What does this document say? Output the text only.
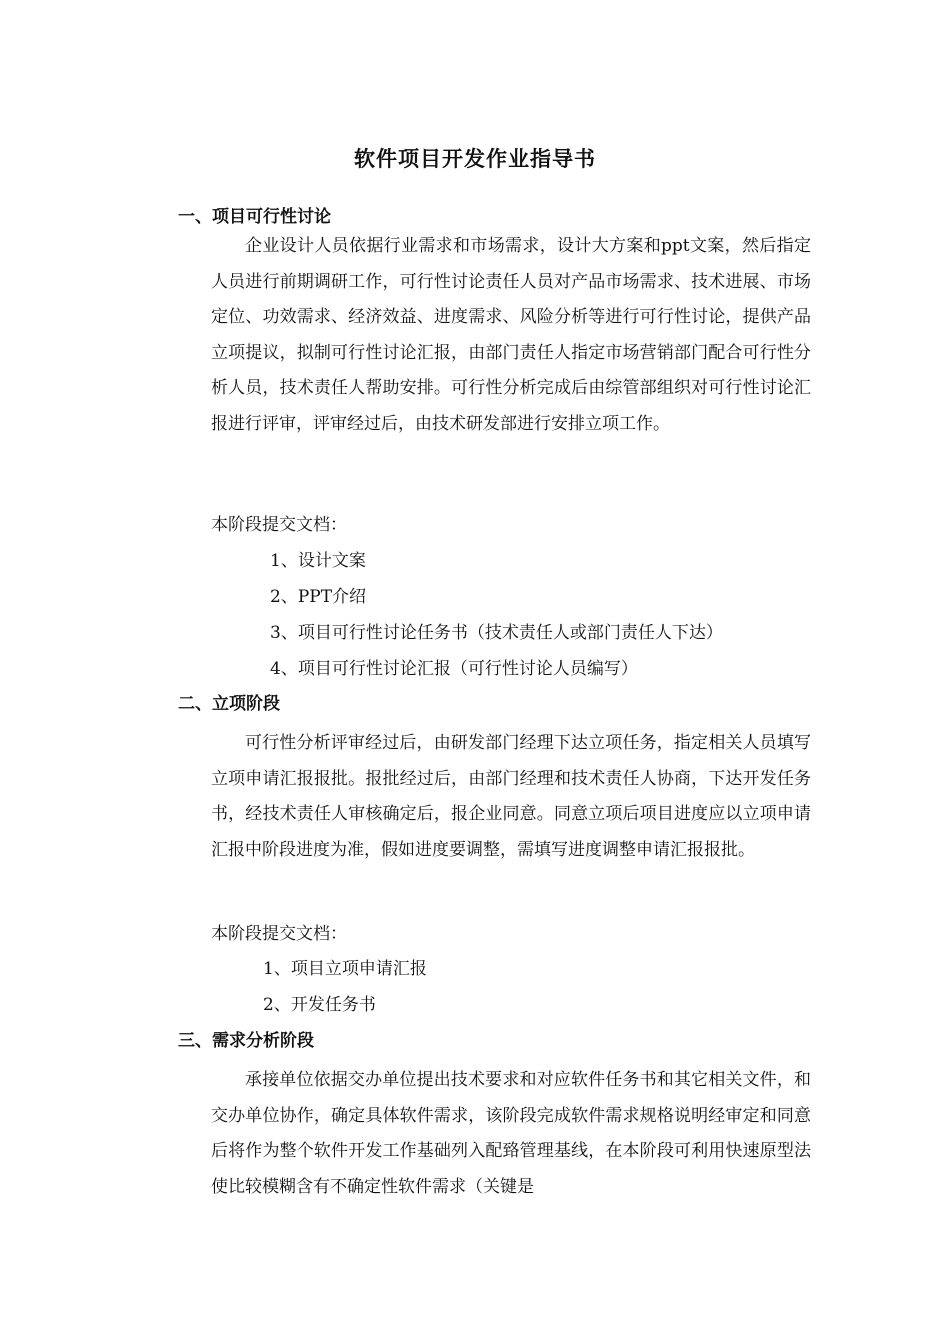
软件项目开发作业指导书
一、项目可行性讨论

企业设计人员依据行业需求和市场需求，设计大方案和ppt文案，然后指定人员进行前期调研工作，可行性讨论责任人员对产品市场需求、技术进展、市场定位、功效需求、经济效益、进度需求、风险分析等进行可行性讨论，提供产品立项提议，拟制可行性讨论汇报，由部门责任人指定市场营销部门配合可行性分析人员，技术责任人帮助安排。可行性分析完成后由综管部组织对可行性讨论汇报进行评审，评审经过后，由技术研发部进行安排立项工作。

本阶段提交文档：
1、设计文案
2、PPT介绍
3、项目可行性讨论任务书（技术责任人或部门责任人下达）
4、项目可行性讨论汇报（可行性讨论人员编写）
二、立项阶段

可行性分析评审经过后，由研发部门经理下达立项任务，指定相关人员填写立项申请汇报报批。报批经过后，由部门经理和技术责任人协商，下达开发任务书，经技术责任人审核确定后，报企业同意。同意立项后项目进度应以立项申请汇报中阶段进度为准，假如进度要调整，需填写进度调整申请汇报报批。

本阶段提交文档：
1、项目立项申请汇报
2、开发任务书
三、需求分析阶段

承接单位依据交办单位提出技术要求和对应软件任务书和其它相关文件，和交办单位协作，确定具体软件需求，该阶段完成软件需求规格说明经审定和同意后将作为整个软件开发工作基础列入配臵管理基线，在本阶段可利用快速原型法使比较模糊含有不确定性软件需求（关键是
